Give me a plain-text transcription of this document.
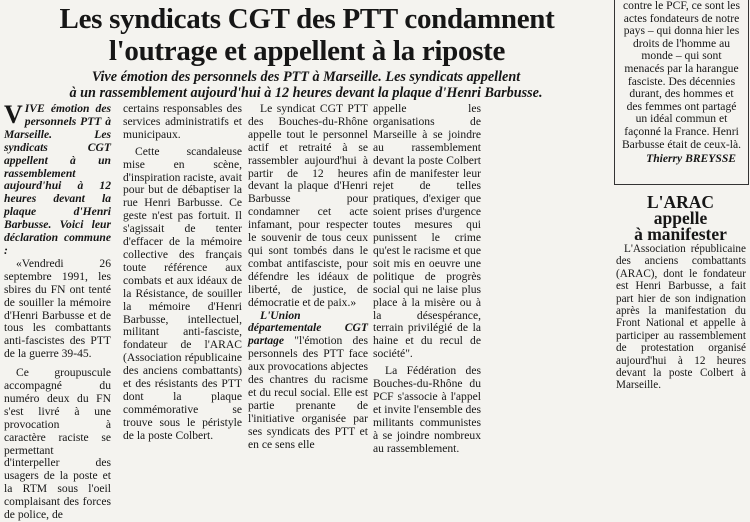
Les syndicats CGT des PTT condamnent
l'outrage et appellent à la riposte
Vive émotion des personnels des PTT à Marseille. Les syndicats appellent
à un rassemblement aujourd'hui à 12 heures devant la plaque d'Henri Barbusse.

VIVE émotion des personnels PTT à Marseille. Les syndicats CGT appellent à un rassemblement aujourd'hui à 12 heures devant la plaque d'Henri Barbusse. Voici leur déclaration commune :

«Vendredi 26 septembre 1991, les sbires du FN ont tenté de souiller la mémoire d'Henri Barbusse et de tous les combattants anti-fascistes des PTT de la guerre 39-45.

Ce groupuscule accompagné du numéro deux du FN s'est livré à une provocation à caractère raciste se permettant d'interpeller des usagers de la poste et la RTM sous l'oeil complaisant des forces de police, de

certains responsables des services administratifs et municipaux.

Cette scandaleuse mise en scène, d'inspiration raciste, avait pour but de débaptiser la rue Henri Barbusse. Ce geste n'est pas fortuit. Il s'agissait de tenter d'effacer de la mémoire collective des français toute référence aux combats et aux idéaux de la Résistance, de souiller la mémoire d'Henri Barbusse, intellectuel, militant anti-fasciste, fondateur de l'ARAC (Association républicaine des anciens combattants) et des résistants des PTT dont la plaque commémorative se trouve sous le péristyle de la poste Colbert.

Le syndicat CGT PTT des Bouches-du-Rhône appelle tout le personnel actif et retraité à se rassembler aujourd'hui à partir de 12 heures devant la plaque d'Henri Barbusse pour condamner cet acte infamant, pour respecter le souvenir de tous ceux qui sont tombés dans le combat antifasciste, pour défendre les idéaux de liberté, de justice, de démocratie et de paix.»

L'Union départementale CGT partage "l'émotion des personnels des PTT face aux provocations abjectes des chantres du racisme et du recul social. Elle est partie prenante de l'initiative organisée par ses syndicats des PTT et en ce sens elle

appelle les organisations de Marseille à se joindre au rassemblement devant la poste Colbert afin de manifester leur rejet de telles pratiques, d'exiger que soient prises d'urgence toutes mesures qui punissent le crime qu'est le racisme et que soit mis en oeuvre une politique de progrès social qui ne laise plus place à la misère ou à la désespérance, terrain privilégié de la haine et du recul de société".

La Fédération des Bouches-du-Rhône du PCF s'associe à l'appel et invite l'ensemble des militants communistes à se joindre nombreux au rassemblement.

contre le PCF, ce sont les actes fondateurs de notre pays – qui donna hier les droits de l'homme au monde – qui sont menacés par la harangue fasciste. Des décennies durant, des hommes et des femmes ont partagé un idéal commun et façonné la France. Henri Barbusse était de ceux-là.
Thierry BREYSSE
L'ARAC
appelle
à manifester

L'Association républicaine des anciens combattants (ARAC), dont le fondateur est Henri Barbusse, a fait part hier de son indignation après la manifestation du Front National et appelle à participer au rassemblement de protestation organisé aujourd'hui à 12 heures devant la poste Colbert à Marseille.
